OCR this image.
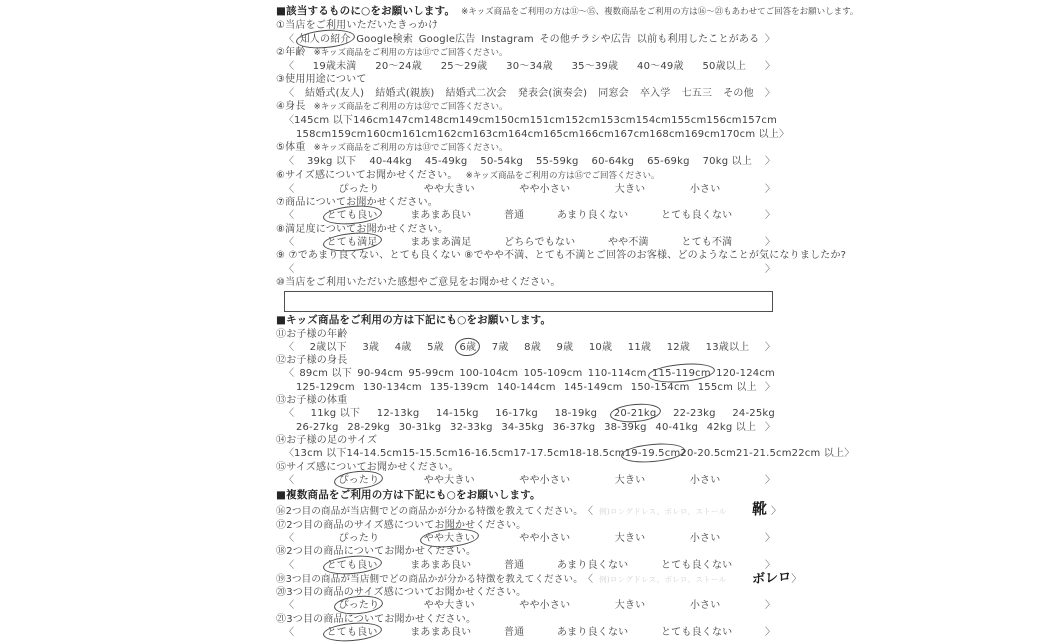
■該当するものに○をお願いします。 ※キッズ商品をご利用の方は⑪〜⑮、複数商品をご利用の方は⑯〜㉑もあわせてご回答をお願いします。
①当店をご利用いただいたきっかけ
〈 知人の紹介 Google検索 Google広告 Instagram その他チラシや広告 以前も利用したことがある 〉
②年齢 ※キッズ商品をご利用の方は⑪でご回答ください。
〈 19歳未満 20〜24歳 25〜29歳 30〜34歳 35〜39歳 40〜49歳 50歳以上 〉
③使用用途について
〈 結婚式(友人) 結婚式(親族) 結婚式二次会 発表会(演奏会) 同窓会 卒入学 七五三 その他 〉
④身長 ※キッズ商品をご利用の方は⑫でご回答ください。
〈 145cm 以下 146cm 147cm 148cm 149cm 150cm 151cm 152cm 153cm 154cm 155cm 156cm 157cm
158cm 159cm 160cm 161cm 162cm 163cm 164cm 165cm 166cm 167cm 168cm 169cm 170cm 以上 〉
⑤体重 ※キッズ商品をご利用の方は⑬でご回答ください。
〈 39kg 以下 40-44kg 45-49kg 50-54kg 55-59kg 60-64kg 65-69kg 70kg 以上 〉
⑥サイズ感についてお聞かせください。 ※キッズ商品をご利用の方は⑮でご回答ください。
〈	ぴったり	やや大きい	やや小さい	大きい	小さい	〉
⑦商品についてお聞かせください。
〈	とても良い	まあまあ良い	普通	あまり良くない	とても良くない	〉
⑧満足度についてお聞かせください。
〈	とても満足	まあまあ満足	どちらでもない	やや不満	とても不満	〉
⑨ ⑦であまり良くない、とても良くない ⑧でやや不満、とても不満とご回答のお客様、どのようなことが気になりましたか?
〈	〉
⑩当店をご利用いただいた感想やご意見をお聞かせください。
■キッズ商品をご利用の方は下記にも○をお願いします。
⑪お子様の年齢
〈 2歳以下 3歳 4歳 5歳 6歳 7歳 8歳 9歳 10歳 11歳 12歳 13歳以上 〉
⑫お子様の身長
〈 89cm 以下 90-94cm 95-99cm 100-104cm 105-109cm 110-114cm 115-119cm 120-124cm
125-129cm 130-134cm 135-139cm 140-144cm 145-149cm 150-154cm 155cm 以上 〉
⑬お子様の体重
〈 11kg 以下 12-13kg 14-15kg 16-17kg 18-19kg 20-21kg 22-23kg 24-25kg
26-27kg 28-29kg 30-31kg 32-33kg 34-35kg 36-37kg 38-39kg 40-41kg 42kg 以上 〉
⑭お子様の足のサイズ
〈 13cm 以下 14-14.5cm 15-15.5cm 16-16.5cm 17-17.5cm 18-18.5cm 19-19.5cm 20-20.5cm 21-21.5cm 22cm 以上 〉
⑮サイズ感についてお聞かせください。
〈	ぴったり	やや大きい	やや小さい	大きい	小さい	〉
■複数商品をご利用の方は下記にも○をお願いします。
⑯2つ目の商品が当店側でどの商品かが分かる特徴を教えてください。 〈 例)ロングドレス、ボレロ、ストール 靴 〉
⑰2つ目の商品のサイズ感についてお聞かせください。
〈	ぴったり	やや大きい	やや小さい	大きい	小さい	〉
⑱2つ目の商品についてお聞かせください。
〈	とても良い	まあまあ良い	普通	あまり良くない	とても良くない	〉
⑲3つ目の商品が当店側でどの商品かが分かる特徴を教えてください。 〈 例)ロングドレス、ボレロ、ストール ボレロ 〉
⑳3つ目の商品のサイズ感についてお聞かせください。
〈	ぴったり	やや大きい	やや小さい	大きい	小さい	〉
㉑3つ目の商品についてお聞かせください。
〈	とても良い	まあまあ良い	普通	あまり良くない	とても良くない	〉
